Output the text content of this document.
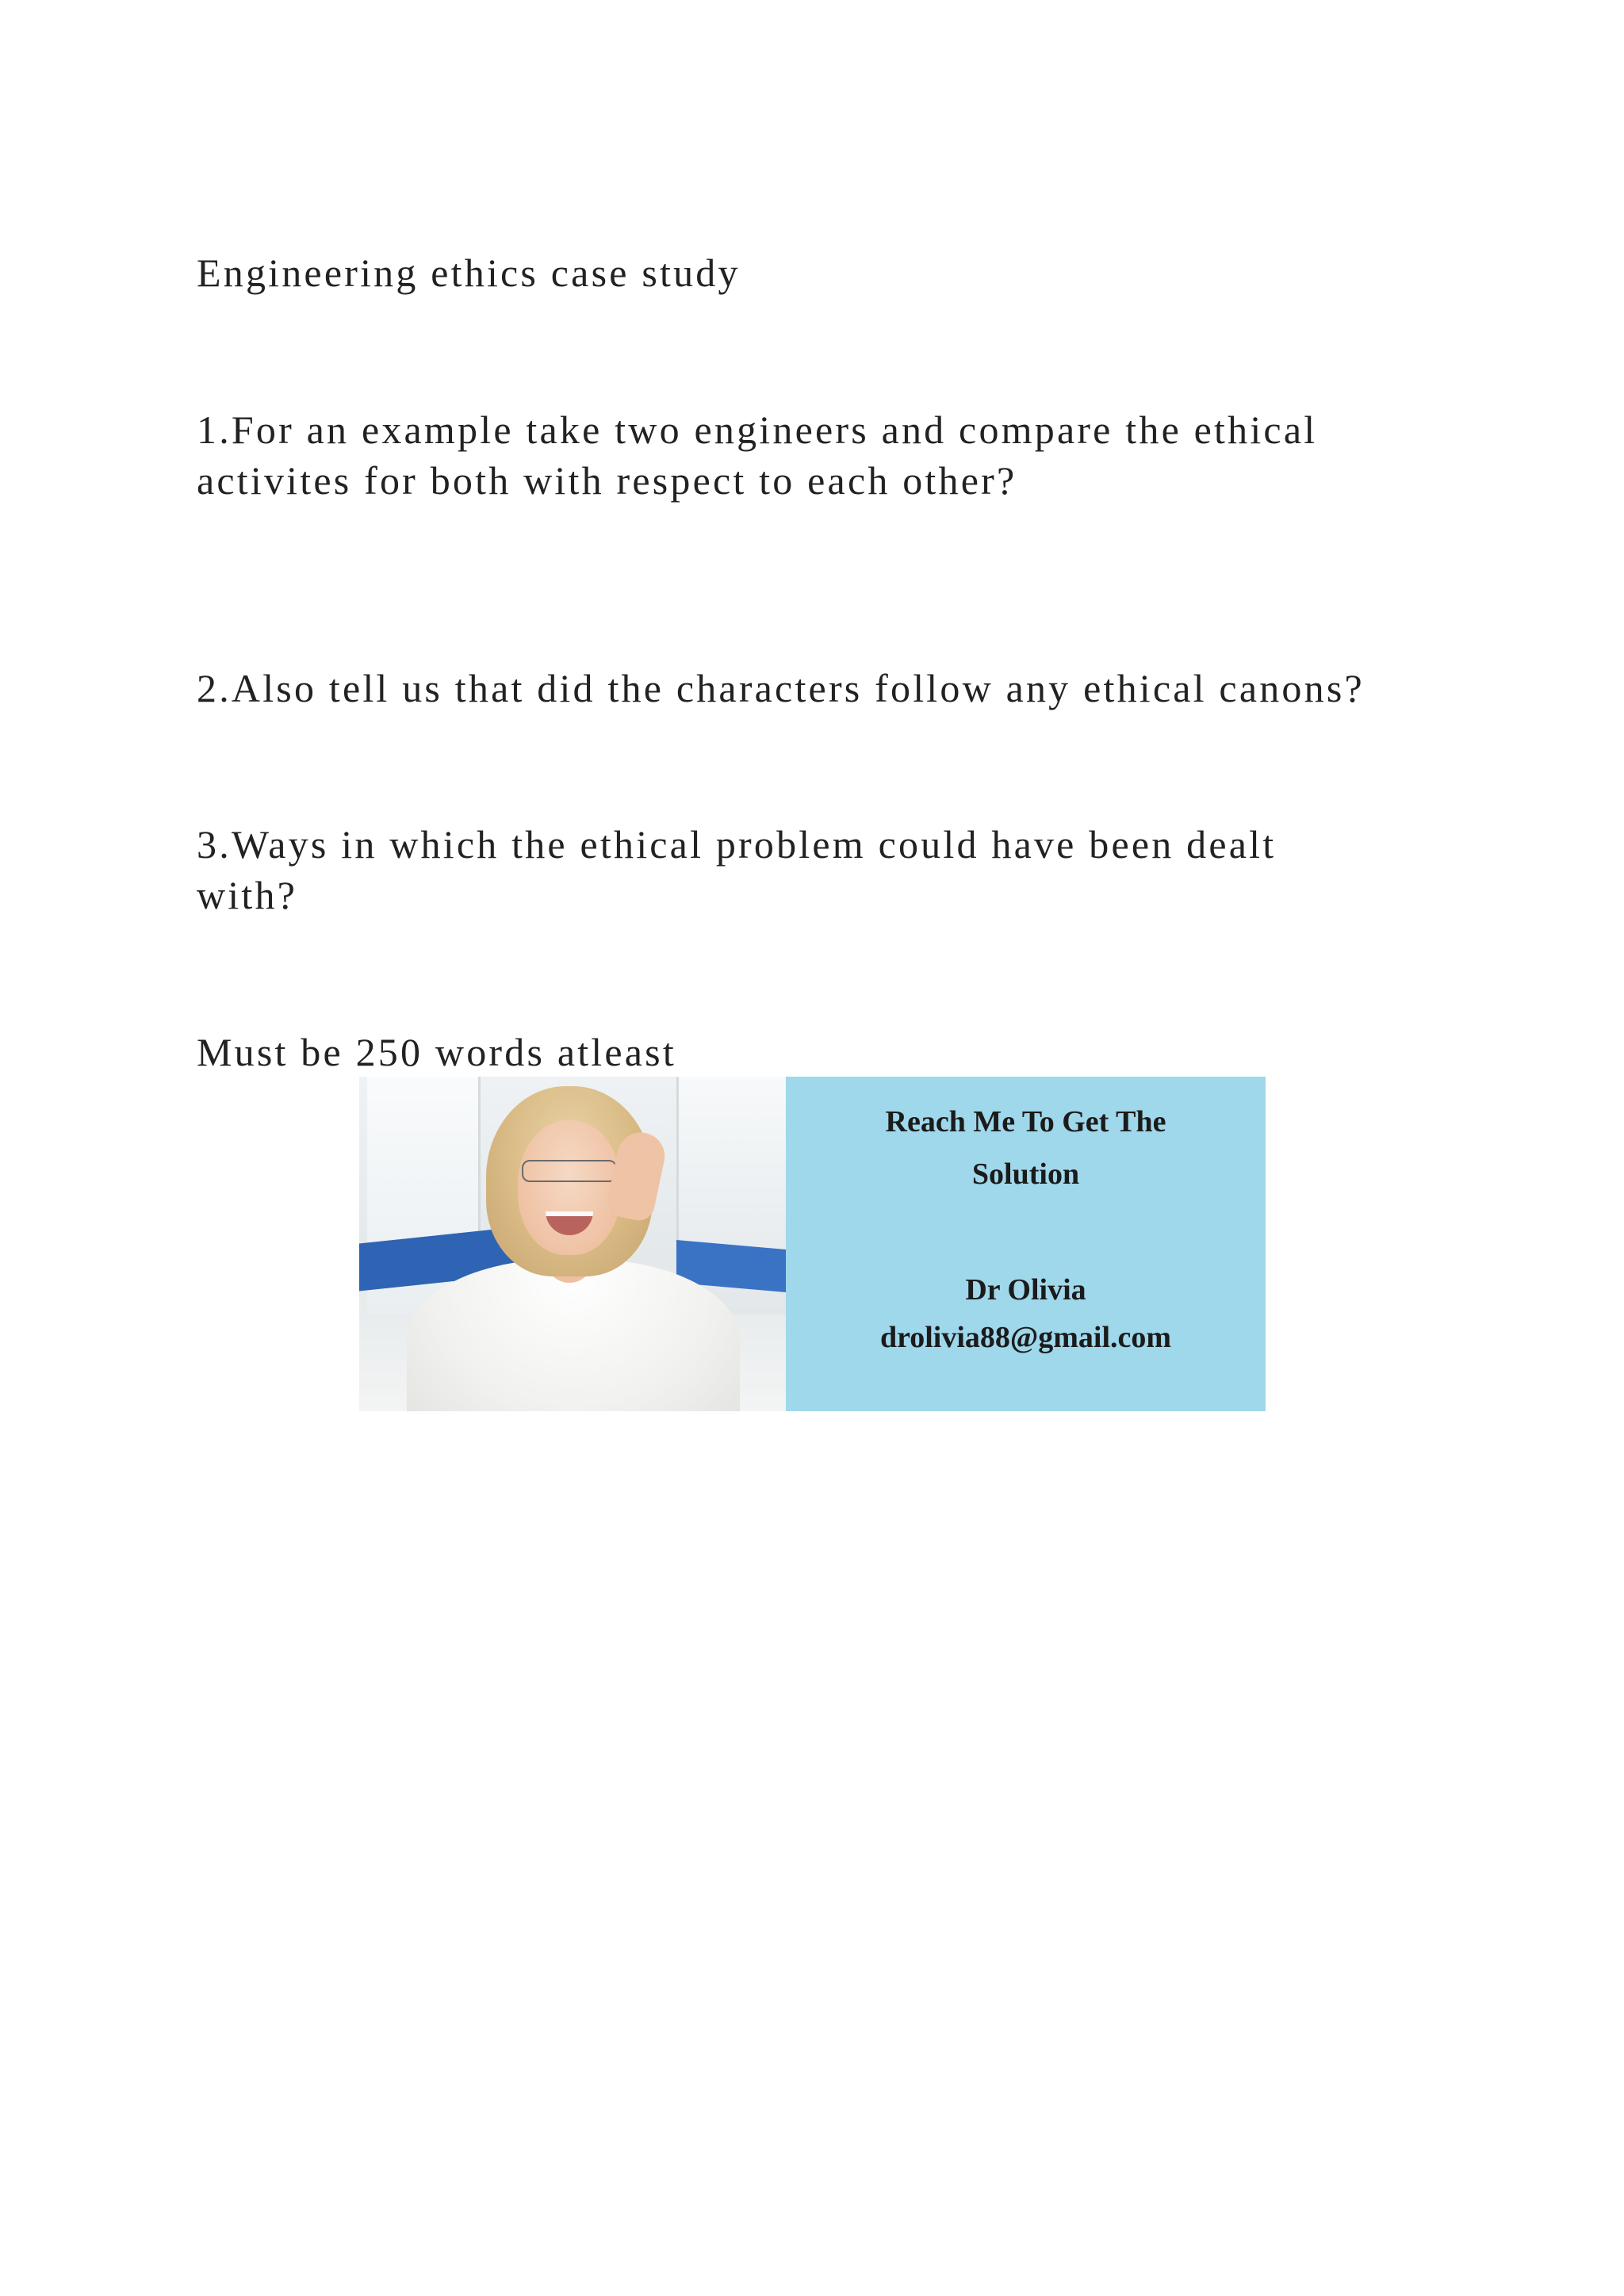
Engineering ethics case study
1.For an example take two engineers and compare the ethical
activites for both with respect to each other?
2.Also tell us that did the characters follow any ethical canons?
3.Ways in which the ethical problem could have been dealt
with?
Must be 250 words atleast
Reach Me To Get The
Solution
Dr Olivia
drolivia88@gmail.com
